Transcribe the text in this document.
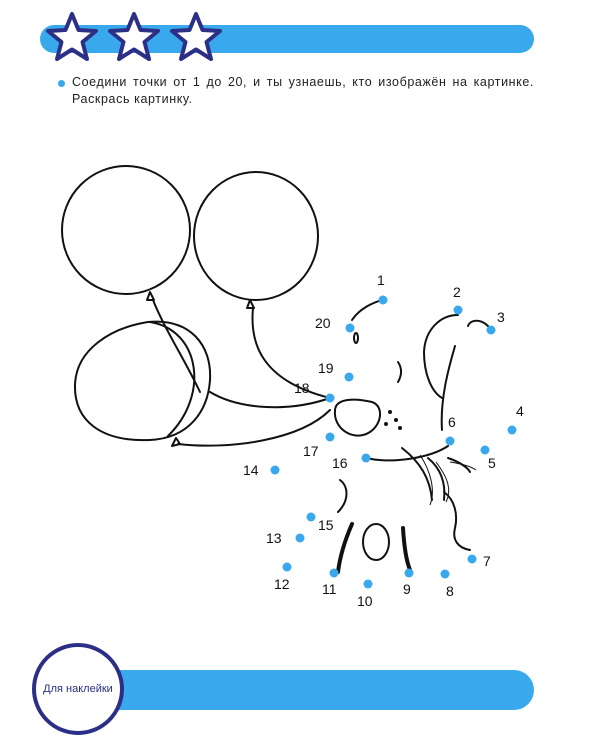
Соедини точки от 1 до 20, и ты узнаешь, кто изображён на картинке. Раскрась картинку.
1
2
3
4
5
6
7
8
9
10
11
12
13
14
15
16
17
18
19
20
Для наклейки
